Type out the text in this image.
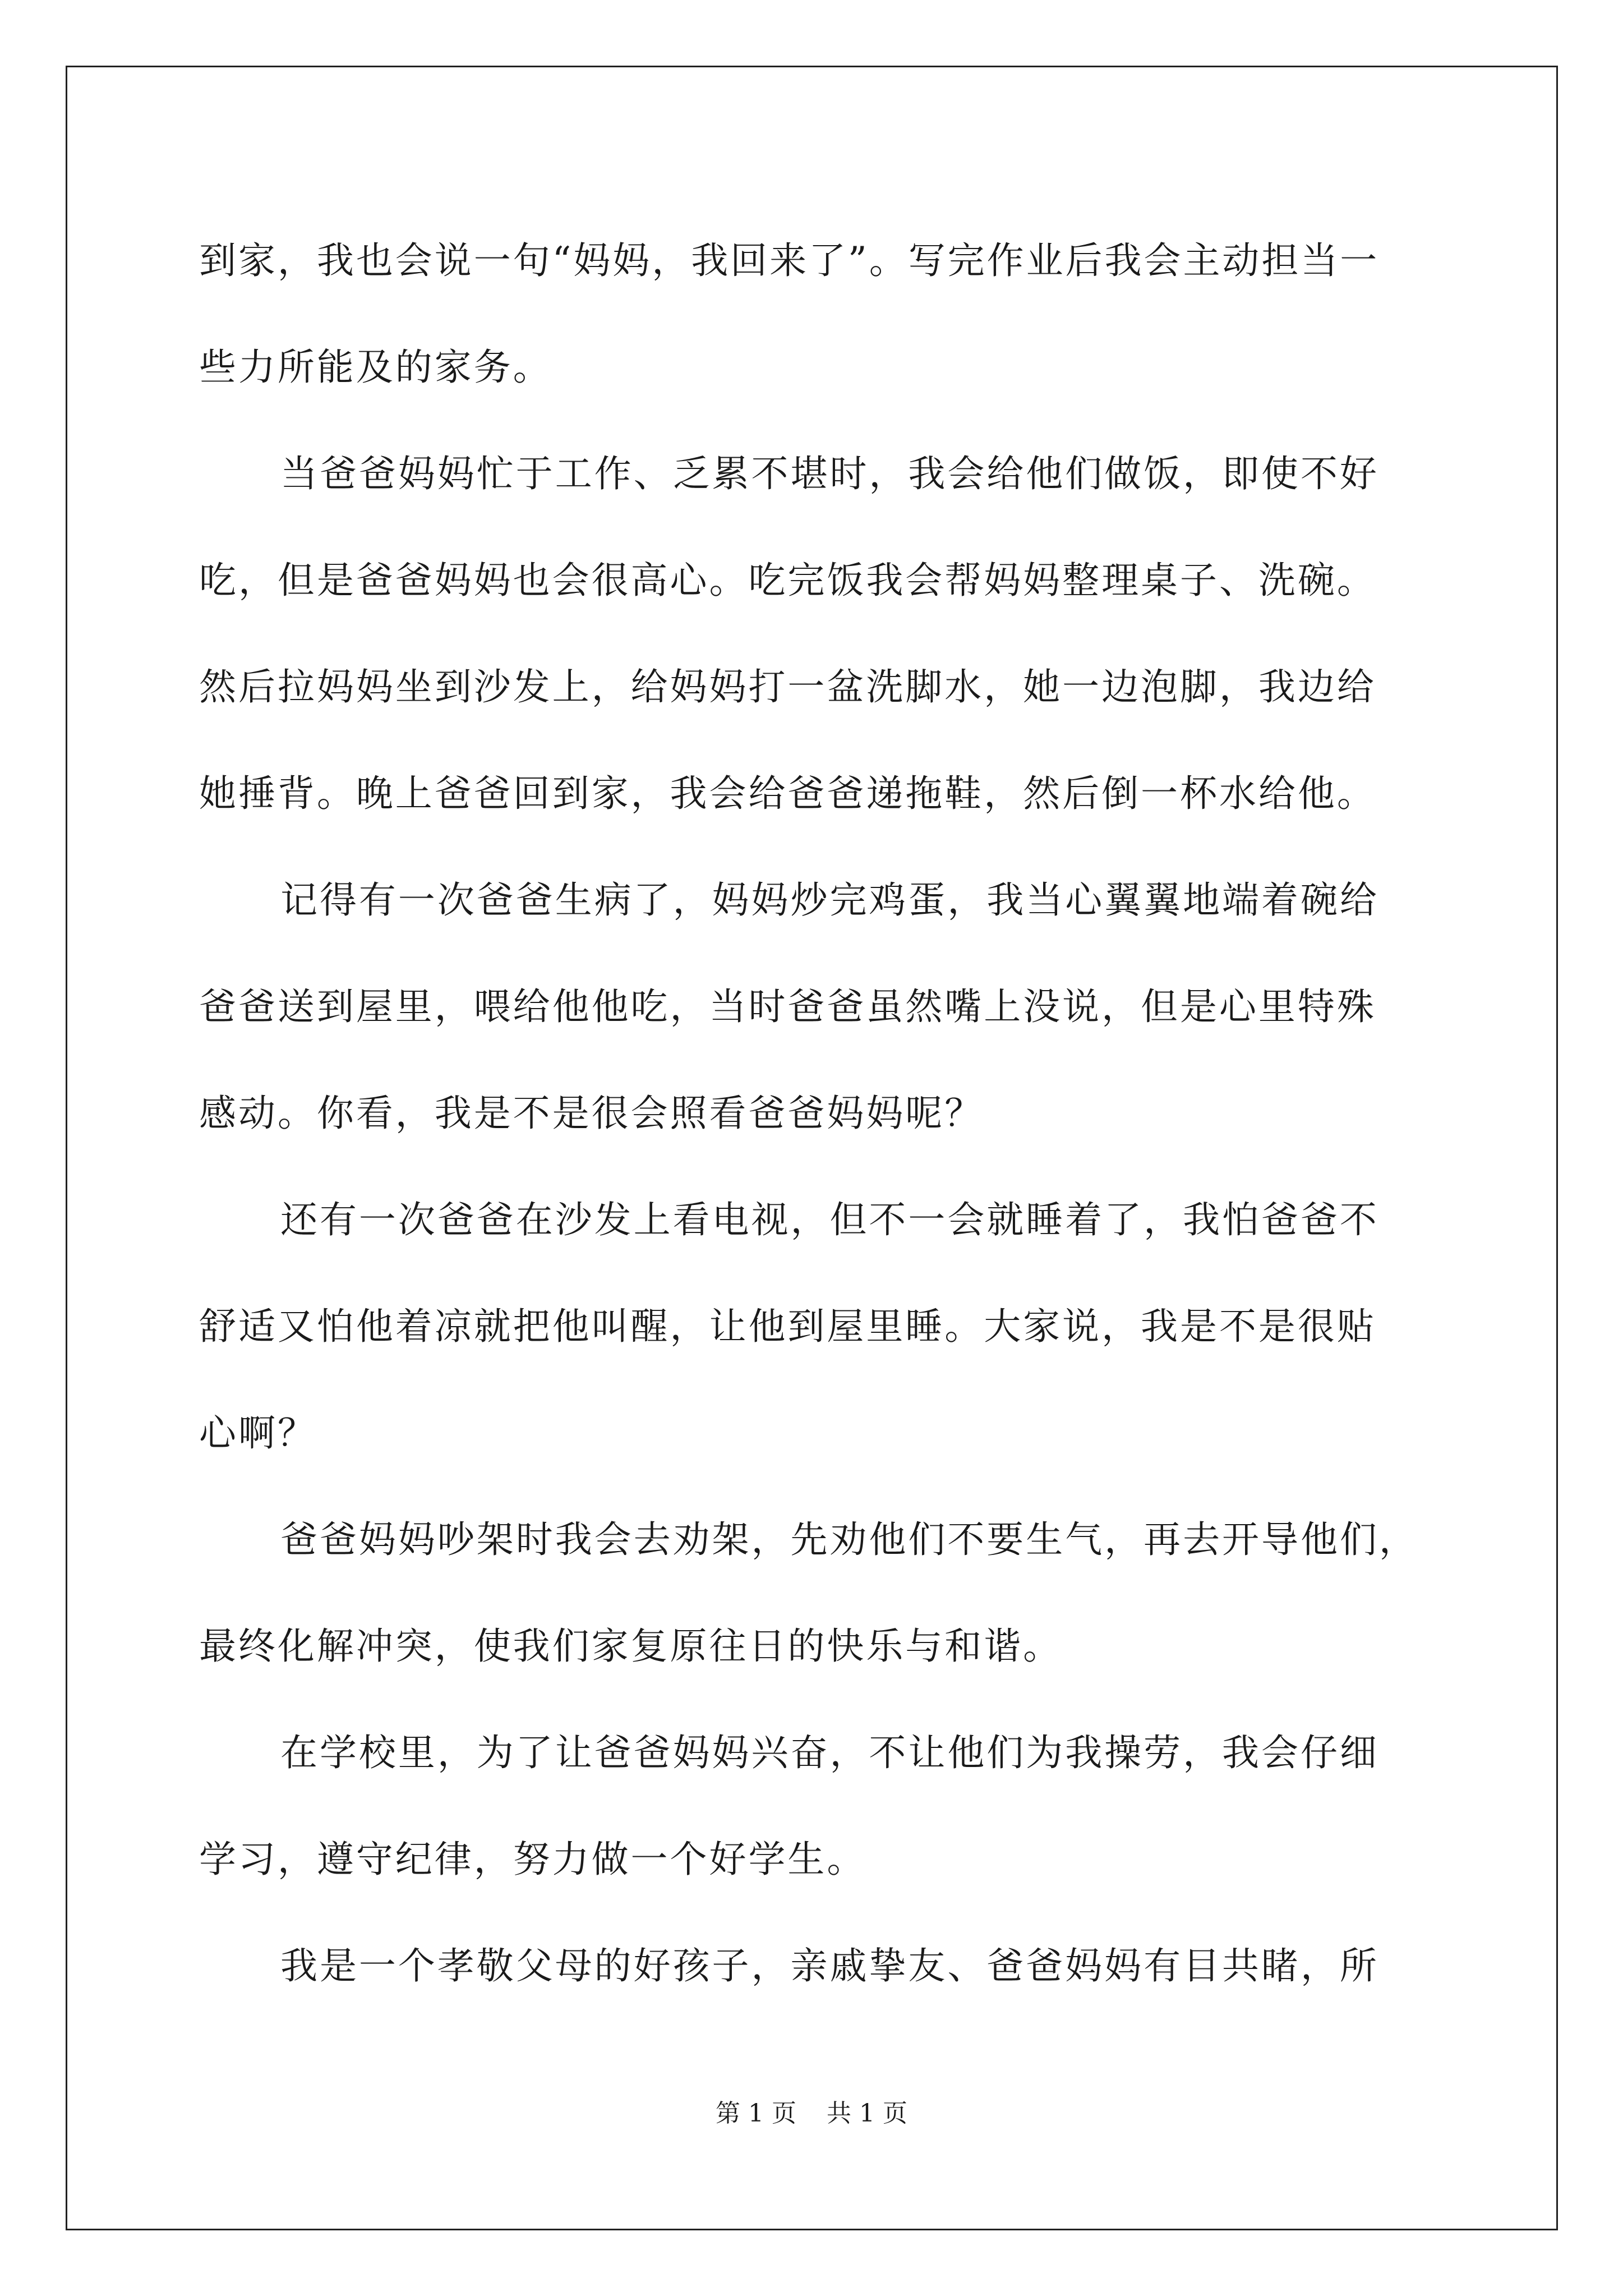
到家，我也会说一句“妈妈，我回来了”。写完作业后我会主动担当一
些力所能及的家务。
当爸爸妈妈忙于工作、乏累不堪时，我会给他们做饭，即使不好
吃，但是爸爸妈妈也会很高心。吃完饭我会帮妈妈整理桌子、洗碗。
然后拉妈妈坐到沙发上，给妈妈打一盆洗脚水，她一边泡脚，我边给
她捶背。晚上爸爸回到家，我会给爸爸递拖鞋，然后倒一杯水给他。
记得有一次爸爸生病了，妈妈炒完鸡蛋，我当心翼翼地端着碗给
爸爸送到屋里，喂给他他吃，当时爸爸虽然嘴上没说，但是心里特殊
感动。你看，我是不是很会照看爸爸妈妈呢？
还有一次爸爸在沙发上看电视，但不一会就睡着了，我怕爸爸不
舒适又怕他着凉就把他叫醒，让他到屋里睡。大家说，我是不是很贴
心啊？
爸爸妈妈吵架时我会去劝架，先劝他们不要生气，再去开导他们，
最终化解冲突，使我们家复原往日的快乐与和谐。
在学校里，为了让爸爸妈妈兴奋，不让他们为我操劳，我会仔细
学习，遵守纪律，努力做一个好学生。
我是一个孝敬父母的好孩子，亲戚挚友、爸爸妈妈有目共睹，所
第 1 页 共 1 页
